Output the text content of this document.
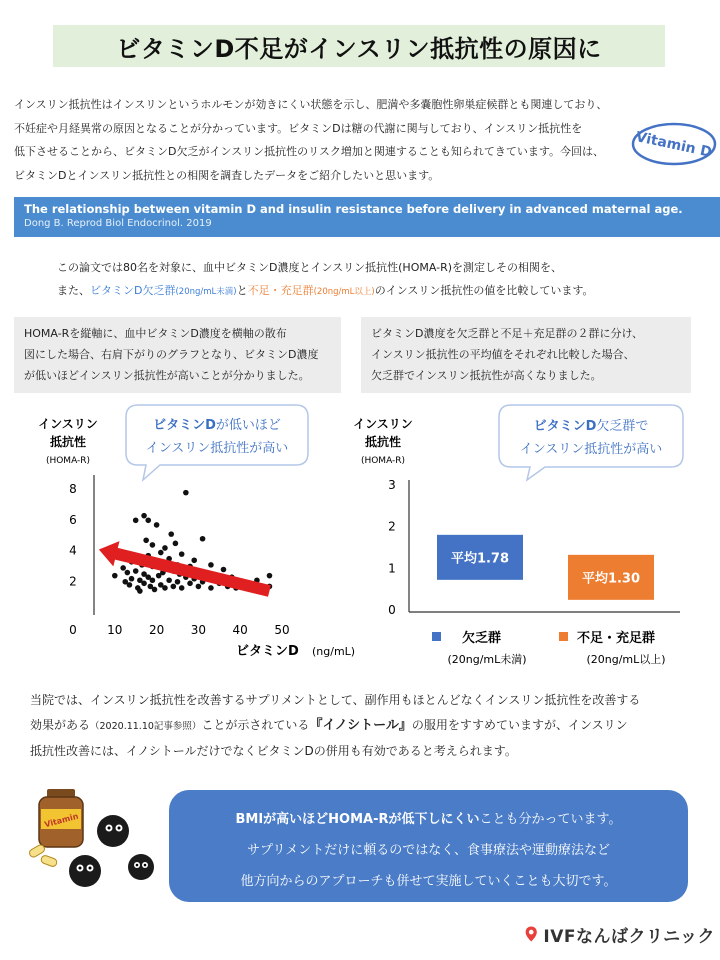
ビタミンD不足がインスリン抵抗性の原因に

インスリン抵抗性はインスリンというホルモンが効きにくい状態を示し、肥満や多嚢胞性卵巣症候群とも関連しており、

不妊症や月経異常の原因となることが分かっています。ビタミンDは糖の代謝に関与しており、インスリン抵抗性を

低下させることから、ビタミンD欠乏がインスリン抵抗性のリスク増加と関連することも知られてきています。今回は、

ビタミンDとインスリン抵抗性との相関を調査したデータをご紹介したいと思います。

Vitamin D
The relationship between vitamin D and insulin resistance before delivery in advanced maternal age.
Dong B. Reprod Biol Endocrinol. 2019

この論文では80名を対象に、血中ビタミンD濃度とインスリン抵抗性(HOMA-R)を測定しその相関を、

また、ビタミンD欠乏群(20ng/mL未満)と不足・充足群(20ng/mL以上)のインスリン抵抗性の値を比較しています。

HOMA-Rを縦軸に、血中ビタミンD濃度を横軸の散布

図にした場合、右肩下がりのグラフとなり、ビタミンD濃度

が低いほどインスリン抵抗性が高いことが分かりました。

ビタミンD濃度を欠乏群と不足＋充足群の２群に分け、

インスリン抵抗性の平均値をそれぞれ比較した場合、

欠乏群でインスリン抵抗性が高くなりました。

インスリン
抵抗性
(HOMA-R)
2
4
6
8
0	10 20 30 40 50
ビタミンD (ng/mL)
ビタミンDが低いほど
インスリン抵抗性が高い
インスリン
抵抗性
(HOMA-R)
0
1
2
3
平均1.78
平均1.30
ビタミンD欠乏群で
インスリン抵抗性が高い
欠乏群
(20ng/mL未満)
不足・充足群
(20ng/mL以上)

当院では、インスリン抵抗性を改善するサプリメントとして、副作用もほとんどなくインスリン抵抗性を改善する

効果がある（2020.11.10記事参照）ことが示されている『イノシトール』の服用をすすめていますが、インスリン

抵抗性改善には、イノシトールだけでなくビタミンDの併用も有効であると考えられます。

Vitamin	BMIが高いほどHOMA-Rが低下しにくいことも分かっています。

サプリメントだけに頼るのではなく、食事療法や運動療法など

他方向からのアプローチも併せて実施していくことも大切です。

IVFなんばクリニック
